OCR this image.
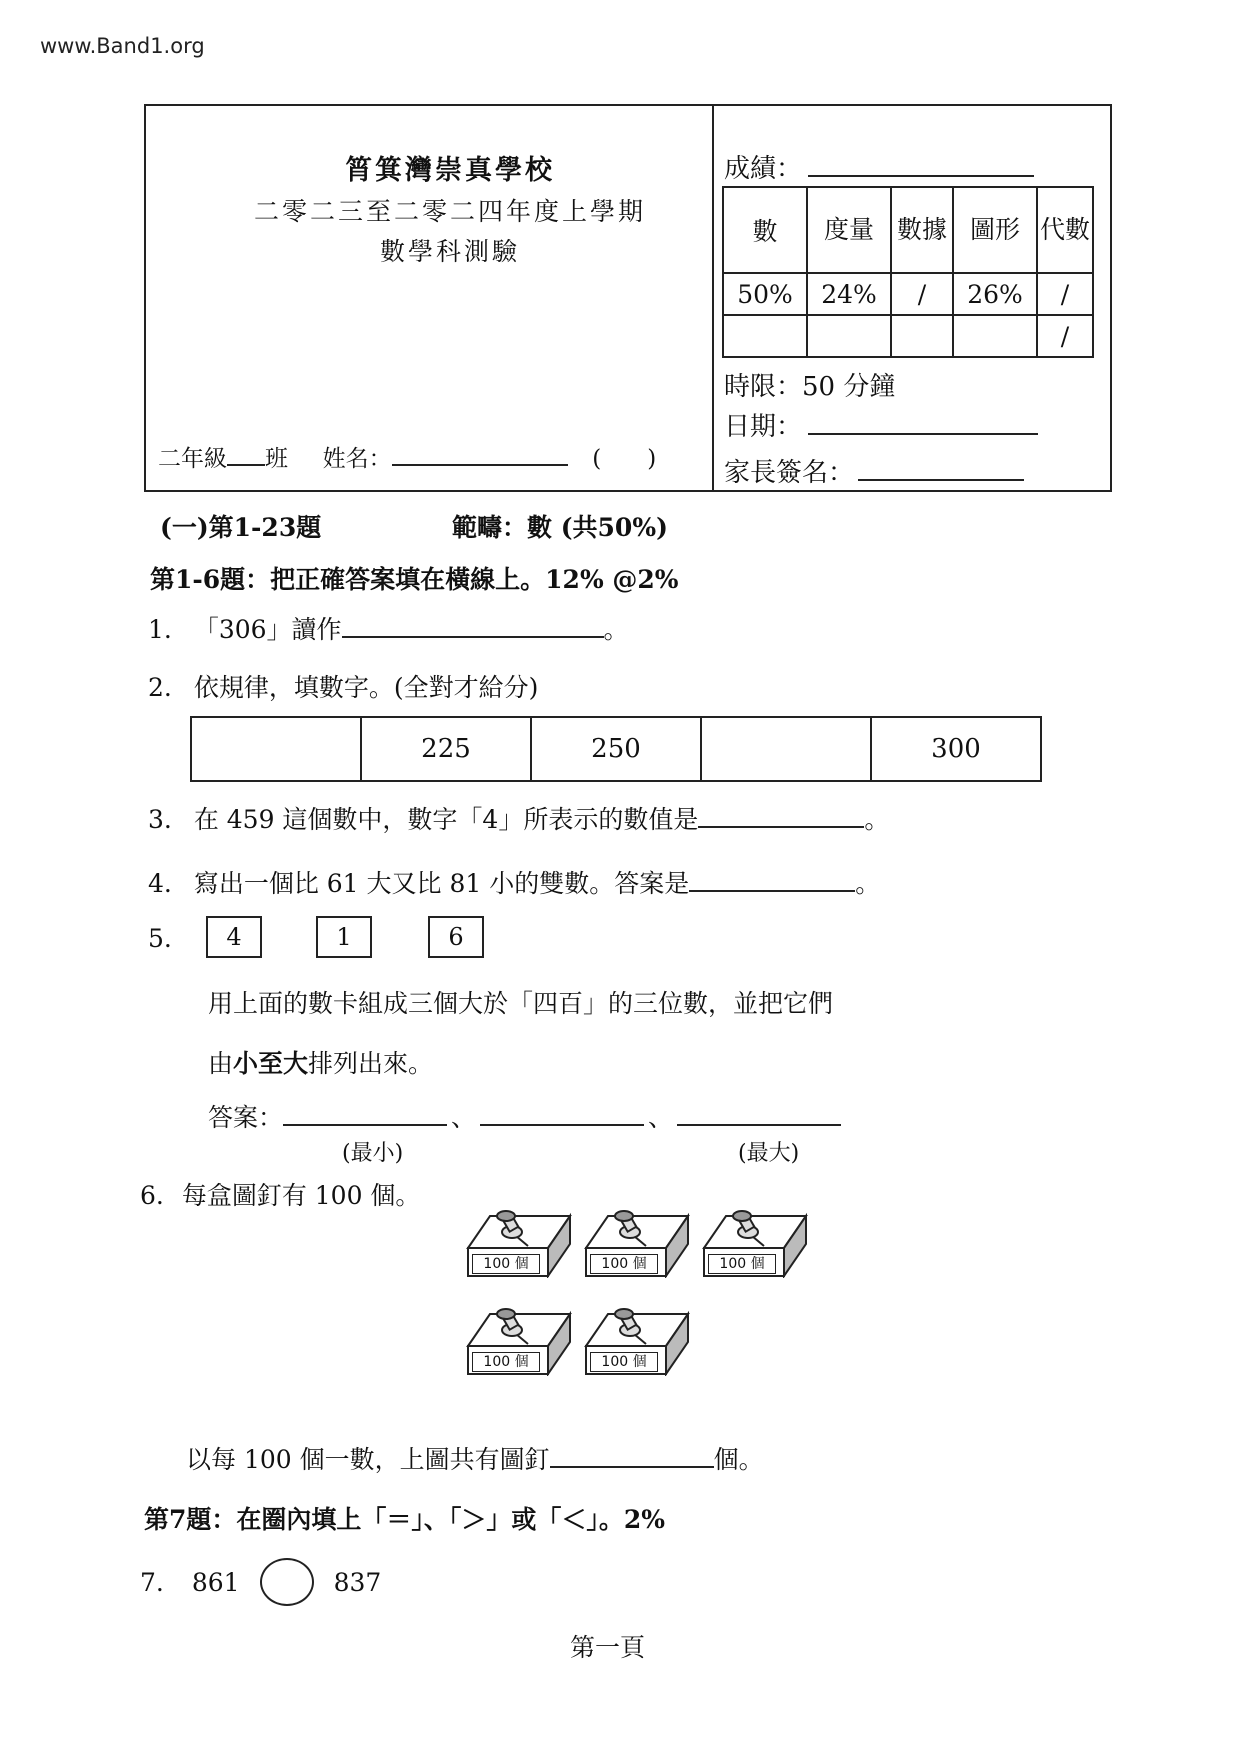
www.Band1.org
筲箕灣崇真學校
二零二三至二零二四年度上學期
數學科測驗
二年級 班 姓名：	(　　)
成績：
數	度量	數據	圖形	代數

50%	24%	/	26%	/
				/
時限：50 分鐘
日期：
家長簽名：
(一)第1-23題	範疇：數 (共50%)
第1-6題：把正確答案填在橫線上。12% @2%
1. 「306」讀作	。
2. 依規律，填數字。(全對才給分)
	225	250		300
3. 在 459 這個數中，數字「4」所表示的數值是	。
4. 寫出一個比 61 大又比 81 小的雙數。答案是	。
5.	4	1	6
用上面的數卡組成三個大於「四百」的三位數，並把它們
由小至大排列出來。
答案：	、	、
(最小)	(最大)
6. 每盒圖釘有 100 個。
100 個	100 個	100 個
100 個	100 個
以每 100 個一數，上圖共有圖釘	個。
第7題：在圈內填上「＝」、「＞」或「＜」。2%
7. 861	837
第一頁
